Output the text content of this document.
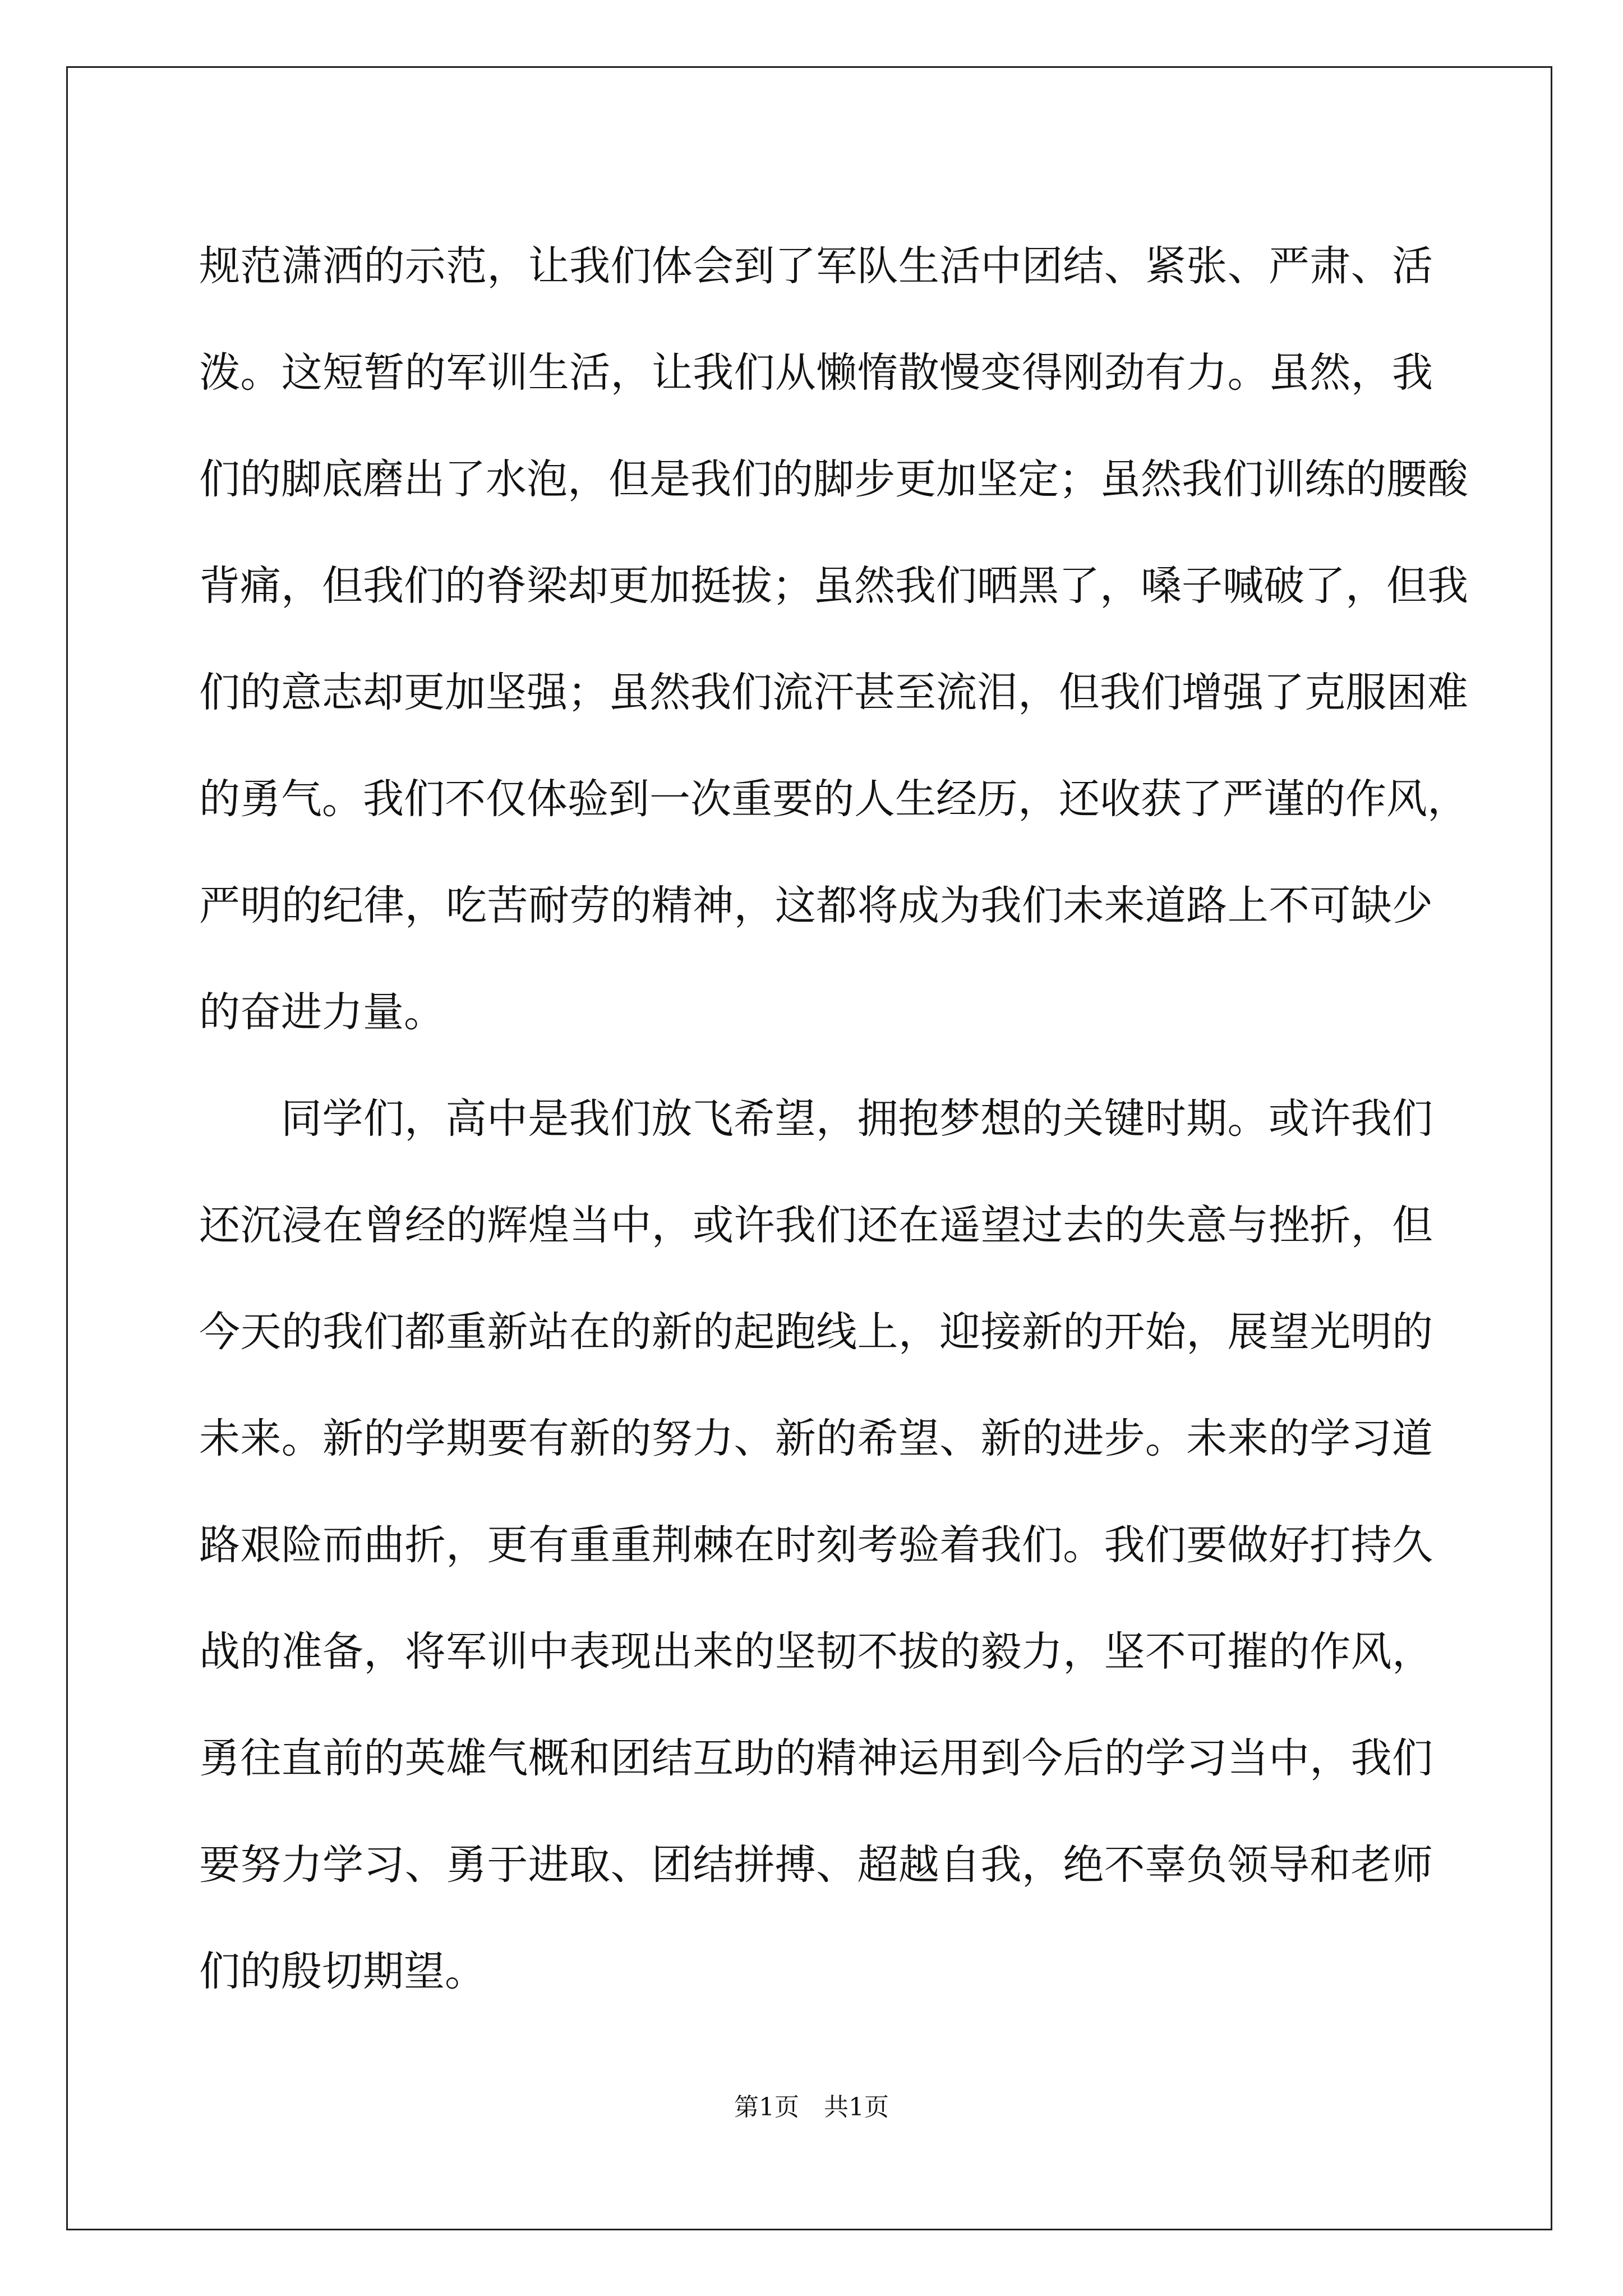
规范潇洒的示范，让我们体会到了军队生活中团结、紧张、严肃、活
泼。这短暂的军训生活，让我们从懒惰散慢变得刚劲有力。虽然，我
们的脚底磨出了水泡，但是我们的脚步更加坚定；虽然我们训练的腰酸
背痛，但我们的脊梁却更加挺拔；虽然我们晒黑了，嗓子喊破了，但我
们的意志却更加坚强；虽然我们流汗甚至流泪，但我们增强了克服困难
的勇气。我们不仅体验到一次重要的人生经历，还收获了严谨的作风，
严明的纪律，吃苦耐劳的精神，这都将成为我们未来道路上不可缺少
的奋进力量。
同学们，高中是我们放飞希望，拥抱梦想的关键时期。或许我们
还沉浸在曾经的辉煌当中，或许我们还在遥望过去的失意与挫折，但
今天的我们都重新站在的新的起跑线上，迎接新的开始，展望光明的
未来。新的学期要有新的努力、新的希望、新的进步。未来的学习道
路艰险而曲折，更有重重荆棘在时刻考验着我们。我们要做好打持久
战的准备，将军训中表现出来的坚韧不拔的毅力，坚不可摧的作风，
勇往直前的英雄气概和团结互助的精神运用到今后的学习当中，我们
要努力学习、勇于进取、团结拼搏、超越自我，绝不辜负领导和老师
们的殷切期望。
第1页　共1页
